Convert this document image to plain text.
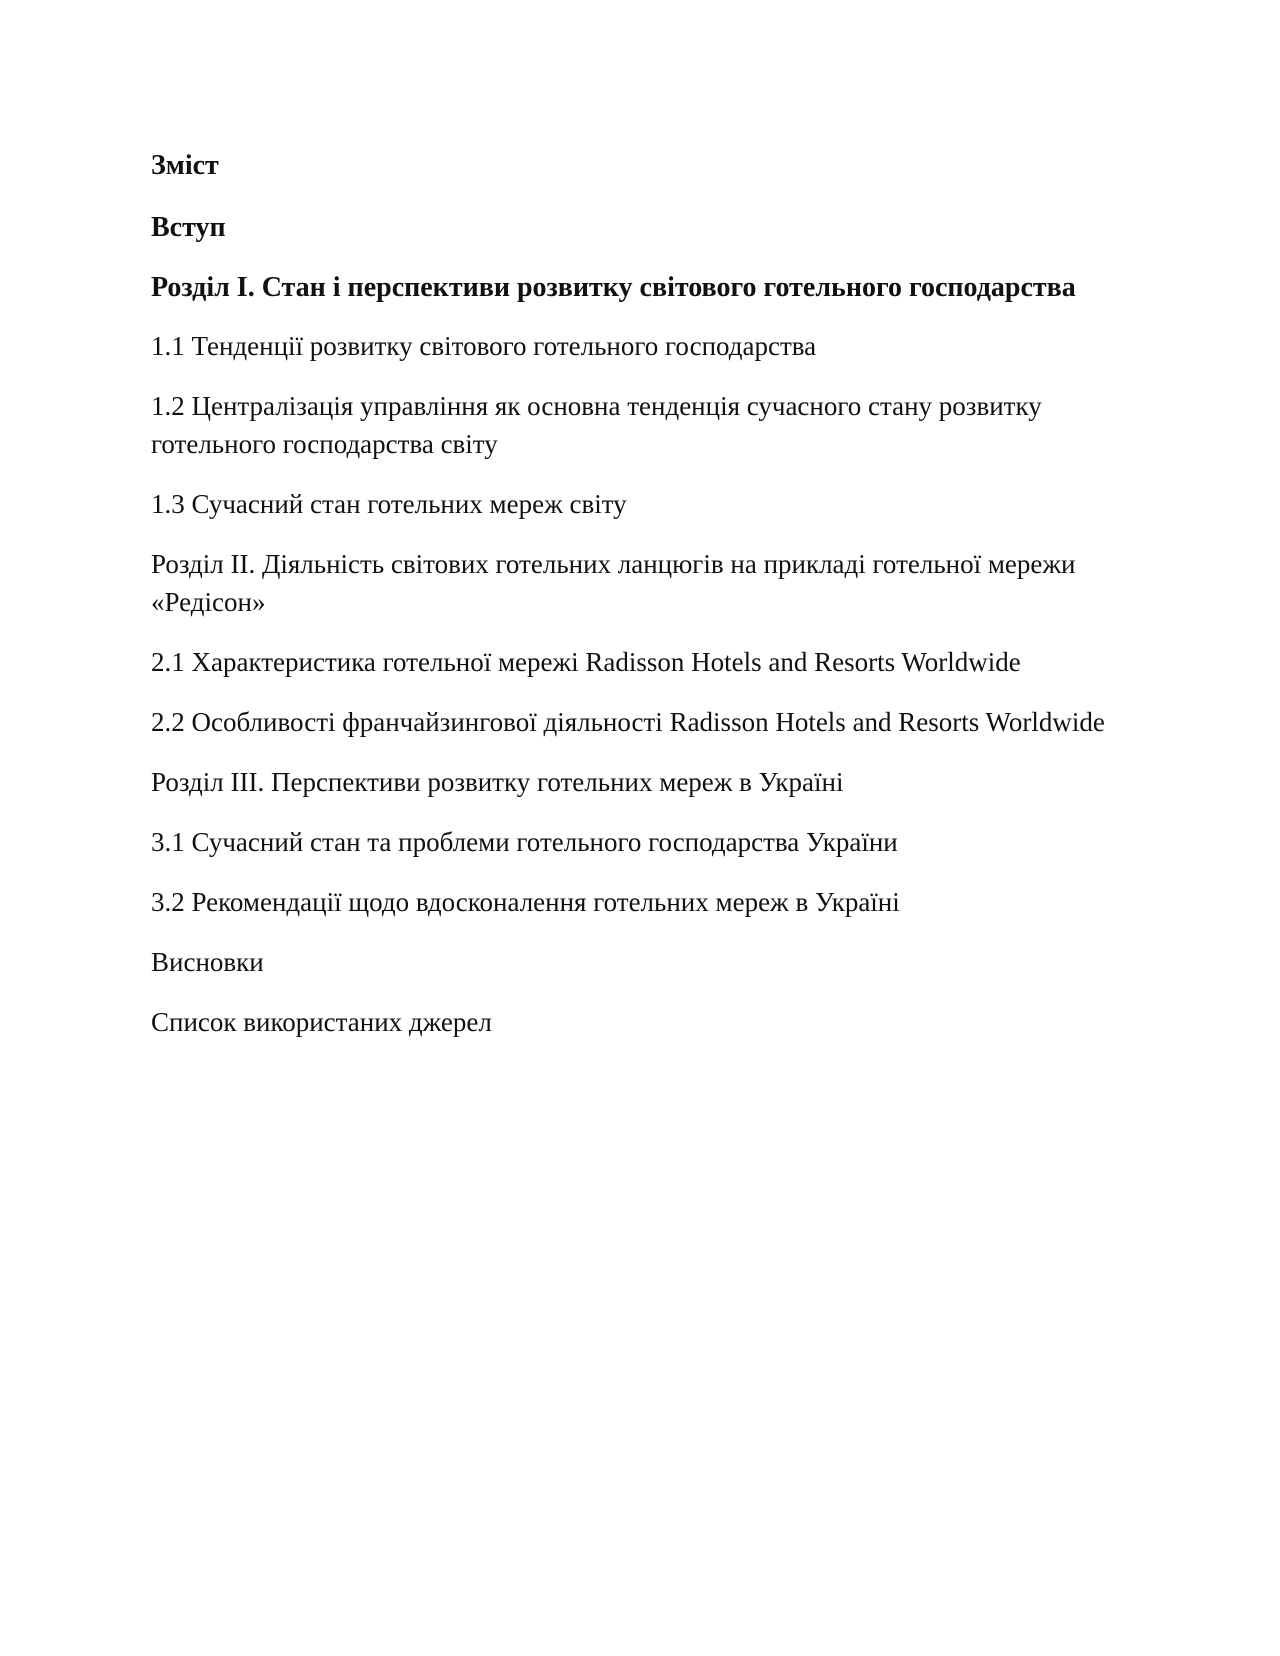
Зміст

Вступ

Розділ І. Стан і перспективи розвитку світового готельного господарства

1.1 Тенденції розвитку світового готельного господарства

1.2 Централізація управління як основна тенденція сучасного стану розвитку готельного господарства світу

1.3 Сучасний стан готельних мереж світу

Розділ ІІ. Діяльність світових готельних ланцюгів на прикладі готельної мережи «Редісон»

2.1 Характеристика готельної мережі Radisson Hotels and Resorts Worldwide

2.2 Особливості франчайзингової діяльності Radisson Hotels and Resorts Worldwide

Розділ ІІІ. Перспективи розвитку готельних мереж в Україні

3.1 Сучасний стан та проблеми готельного господарства України

3.2 Рекомендації щодо вдосконалення готельних мереж в Україні

Висновки

Список використаних джерел
